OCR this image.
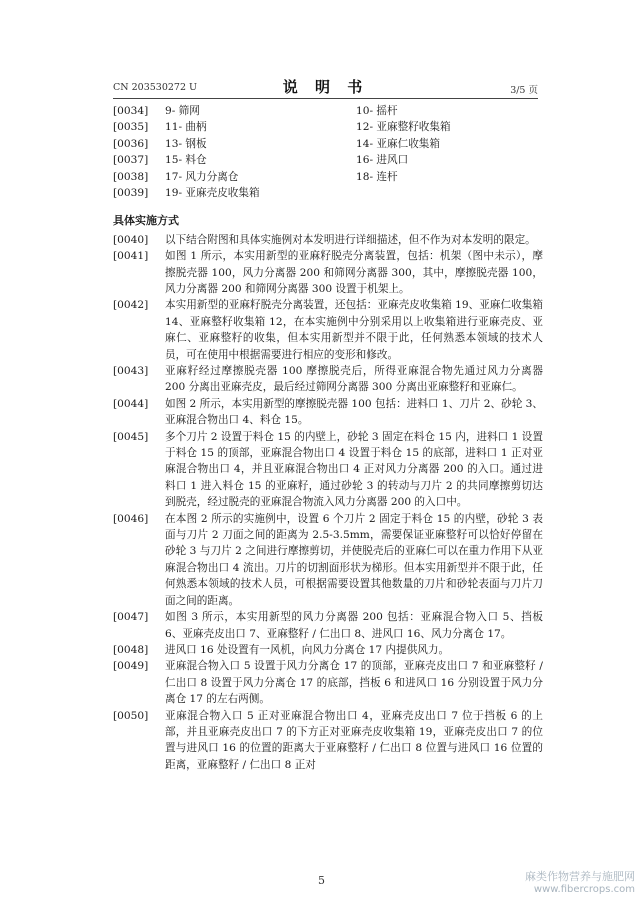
CN 203530272 U	说 明 书	3/5 页
[0034] 9- 筛网	10- 摇杆
[0035] 11- 曲柄	12- 亚麻整籽收集箱
[0036] 13- 钢板	14- 亚麻仁收集箱
[0037] 15- 料仓	16- 进风口
[0038] 17- 风力分离仓	18- 连杆
[0039] 19- 亚麻壳皮收集箱
具体实施方式
[0040] 以下结合附图和具体实施例对本发明进行详细描述，但不作为对本发明的限定。
[0041] 如图 1 所示，本实用新型的亚麻籽脱壳分离装置，包括：机架（图中未示），摩擦脱壳器 100，风力分离器 200 和筛网分离器 300，其中，摩擦脱壳器 100，风力分离器 200 和筛网分离器 300 设置于机架上。
[0042] 本实用新型的亚麻籽脱壳分离装置，还包括：亚麻壳皮收集箱 19、亚麻仁收集箱 14、亚麻整籽收集箱 12，在本实施例中分别采用以上收集箱进行亚麻壳皮、亚麻仁、亚麻整籽的收集，但本实用新型并不限于此，任何熟悉本领域的技术人员，可在使用中根据需要进行相应的变形和修改。
[0043] 亚麻籽经过摩擦脱壳器 100 摩擦脱壳后，所得亚麻混合物先通过风力分离器 200 分离出亚麻壳皮，最后经过筛网分离器 300 分离出亚麻整籽和亚麻仁。
[0044] 如图 2 所示，本实用新型的摩擦脱壳器 100 包括：进料口 1、刀片 2、砂轮 3、亚麻混合物出口 4、料仓 15。
[0045] 多个刀片 2 设置于料仓 15 的内壁上，砂轮 3 固定在料仓 15 内，进料口 1 设置于料仓 15 的顶部，亚麻混合物出口 4 设置于料仓 15 的底部，进料口 1 正对亚麻混合物出口 4，并且亚麻混合物出口 4 正对风力分离器 200 的入口。通过进料口 1 进入料仓 15 的亚麻籽，通过砂轮 3 的转动与刀片 2 的共同摩擦剪切达到脱壳，经过脱壳的亚麻混合物流入风力分离器 200 的入口中。
[0046] 在本图 2 所示的实施例中，设置 6 个刀片 2 固定于料仓 15 的内壁，砂轮 3 表面与刀片 2 刀面之间的距离为 2.5-3.5mm，需要保证亚麻整籽可以恰好停留在砂轮 3 与刀片 2 之间进行摩擦剪切，并使脱壳后的亚麻仁可以在重力作用下从亚麻混合物出口 4 流出。刀片的切割面形状为梯形。但本实用新型并不限于此，任何熟悉本领域的技术人员，可根据需要设置其他数量的刀片和砂轮表面与刀片刀面之间的距离。
[0047] 如图 3 所示，本实用新型的风力分离器 200 包括：亚麻混合物入口 5、挡板 6、亚麻壳皮出口 7、亚麻整籽 / 仁出口 8、进风口 16、风力分离仓 17。
[0048] 进风口 16 处设置有一风机，向风力分离仓 17 内提供风力。
[0049] 亚麻混合物入口 5 设置于风力分离仓 17 的顶部，亚麻壳皮出口 7 和亚麻整籽 / 仁出口 8 设置于风力分离仓 17 的底部，挡板 6 和进风口 16 分别设置于风力分离仓 17 的左右两侧。
[0050] 亚麻混合物入口 5 正对亚麻混合物出口 4，亚麻壳皮出口 7 位于挡板 6 的上部，并且亚麻壳皮出口 7 的下方正对亚麻壳皮收集箱 19，亚麻壳皮出口 7 的位置与进风口 16 的位置的距离大于亚麻整籽 / 仁出口 8 位置与进风口 16 位置的距离，亚麻整籽 / 仁出口 8 正对
5	麻类作物营养与施肥网
www.fibercrops.com
